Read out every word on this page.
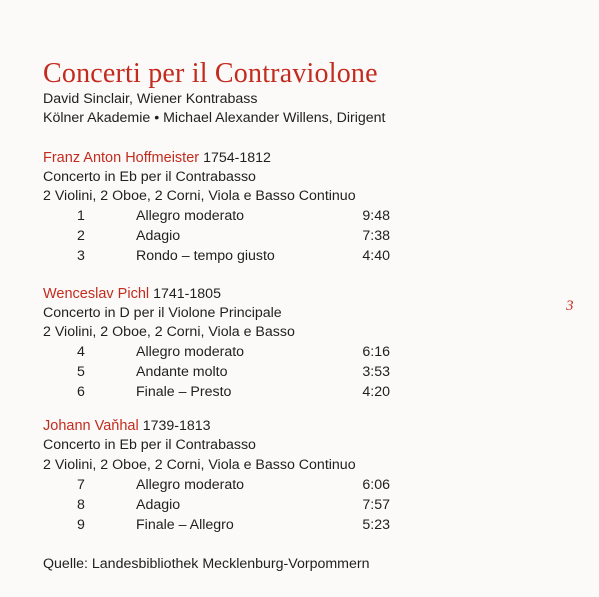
Concerti per il Contraviolone
David Sinclair, Wiener Kontrabass
Kölner Akademie • Michael Alexander Willens, Dirigent
Franz Anton Hoffmeister 1754-1812
Concerto in Eb per il Contrabasso
2 Violini, 2 Oboe, 2 Corni, Viola e Basso Continuo
1	Allegro moderato	9:48
2	Adagio	7:38
3	Rondo – tempo giusto	4:40
Wenceslav Pichl 1741-1805
Concerto in D per il Violone Principale
2 Violini, 2 Oboe, 2 Corni, Viola e Basso
4	Allegro moderato	6:16
5	Andante molto	3:53
6	Finale – Presto	4:20
Johann Vaňhal 1739-1813
Concerto in Eb per il Contrabasso
2 Violini, 2 Oboe, 2 Corni, Viola e Basso Continuo
7	Allegro moderato	6:06
8	Adagio	7:57
9	Finale – Allegro	5:23
Quelle: Landesbibliothek Mecklenburg-Vorpommern
3
